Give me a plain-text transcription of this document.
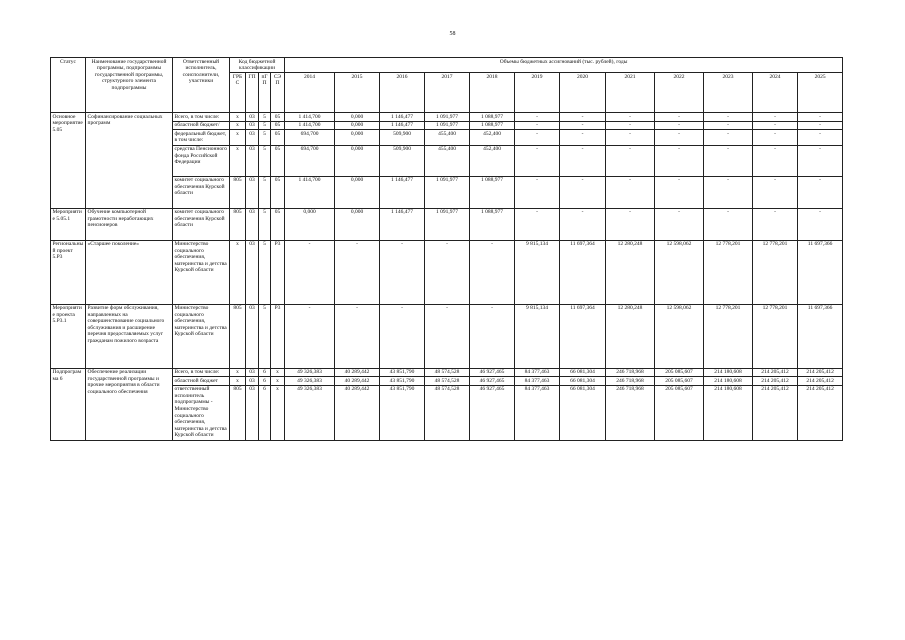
58
Статус	Наименование государственной программы, подпрограммы государственной программы, структурного элемента подпрограммы	Ответственный исполнитель, соисполнители, участники	Код бюджетной классификации				Объемы бюджетных ассигнований (тыс. рублей), годы											
			ГРБС	ГП	пГП	СЭП	2014	2015	2016	2017	2018	2019	2020	2021	2022	2023	2024	2025
Основное мероприятие 5.05	Софинансирование социальных программ	Всего, в том числе:	х	03	5	05	1 414,700	0,000	1 146,477	1 091,977	1 088,977	-	-	-	-	-	-	-
		областной бюджет/	х	03	5	05	1 414,700	0,000	1 146,477	1 091,977	1 088,977	-	-	-	-	-	-	-
		федеральный бюджет, в том числе:	х	03	5	05	694,700	0,000	509,900	455,400	452,400	-	-	-	-	-	-	-
		средства Пенсионного фонда Российской Федерации	х	03	5	05	694,700	0,000	509,900	455,400	452,400	-	-	-	-	-	-	-
		комитет социального обеспечения Курской области	805	03	5	05	1 414,700	0,000	1 146,477	1 091,977	1 088,977	-	-	-	-	-	-	-
Мероприятие 5.05.1	Обучение компьютерной грамотности неработающих пенсионеров	комитет социального обеспечения Курской области	805	03	5	05	0,000	0,000	1 146,477	1 091,977	1 088,977	-	-	-	-	-	-	-
Региональный проект 5.Р3	«Старшее поколение»	Министерство социального обеспечения, материнства и детства Курской области	х	03	5	Р3	-	-	-	-	-	9 815,134	11 697,364	12 280,248	12 598,062	12 778,201	12 778,201	11 697,366
Мероприятие проекта 5.Р3.1	Развитие форм обслуживания, направленных на совершенствование социального обслуживания и расширение перечня предоставляемых услуг гражданам пожилого возраста	Министерство социального обеспечения, материнства и детства Курской области	805	03	5	Р3	-	-	-	-	-	9 815,134	11 697,364	12 280,248	12 598,062	12 778,201	12 778,201	11 697,366
Подпрограмма 6	Обеспечение реализации государственной программы и прочие мероприятия в области социального обеспечения	Всего, в том числе:	х	03	6	х	49 326,383	40 289,442	43 851,790	48 574,528	46 927,465	84 377,463	66 081,304	246 718,968	205 085,607	214 180,608	214 205,412	214 205,412
		областной бюджет	х	03	6	х	49 326,383	40 289,442	43 851,790	48 574,528	46 927,465	84 377,463	66 081,304	246 718,968	205 085,607	214 180,608	214 205,412	214 205,412
		ответственный исполнитель подпрограммы - Министерство социального обеспечения, материнства и детства Курской области	805	03	6	х	49 326,383	40 289,442	43 851,790	48 574,528	46 927,465	84 377,463	66 081,304	246 718,968	205 085,607	214 180,608	214 205,412	214 205,412
